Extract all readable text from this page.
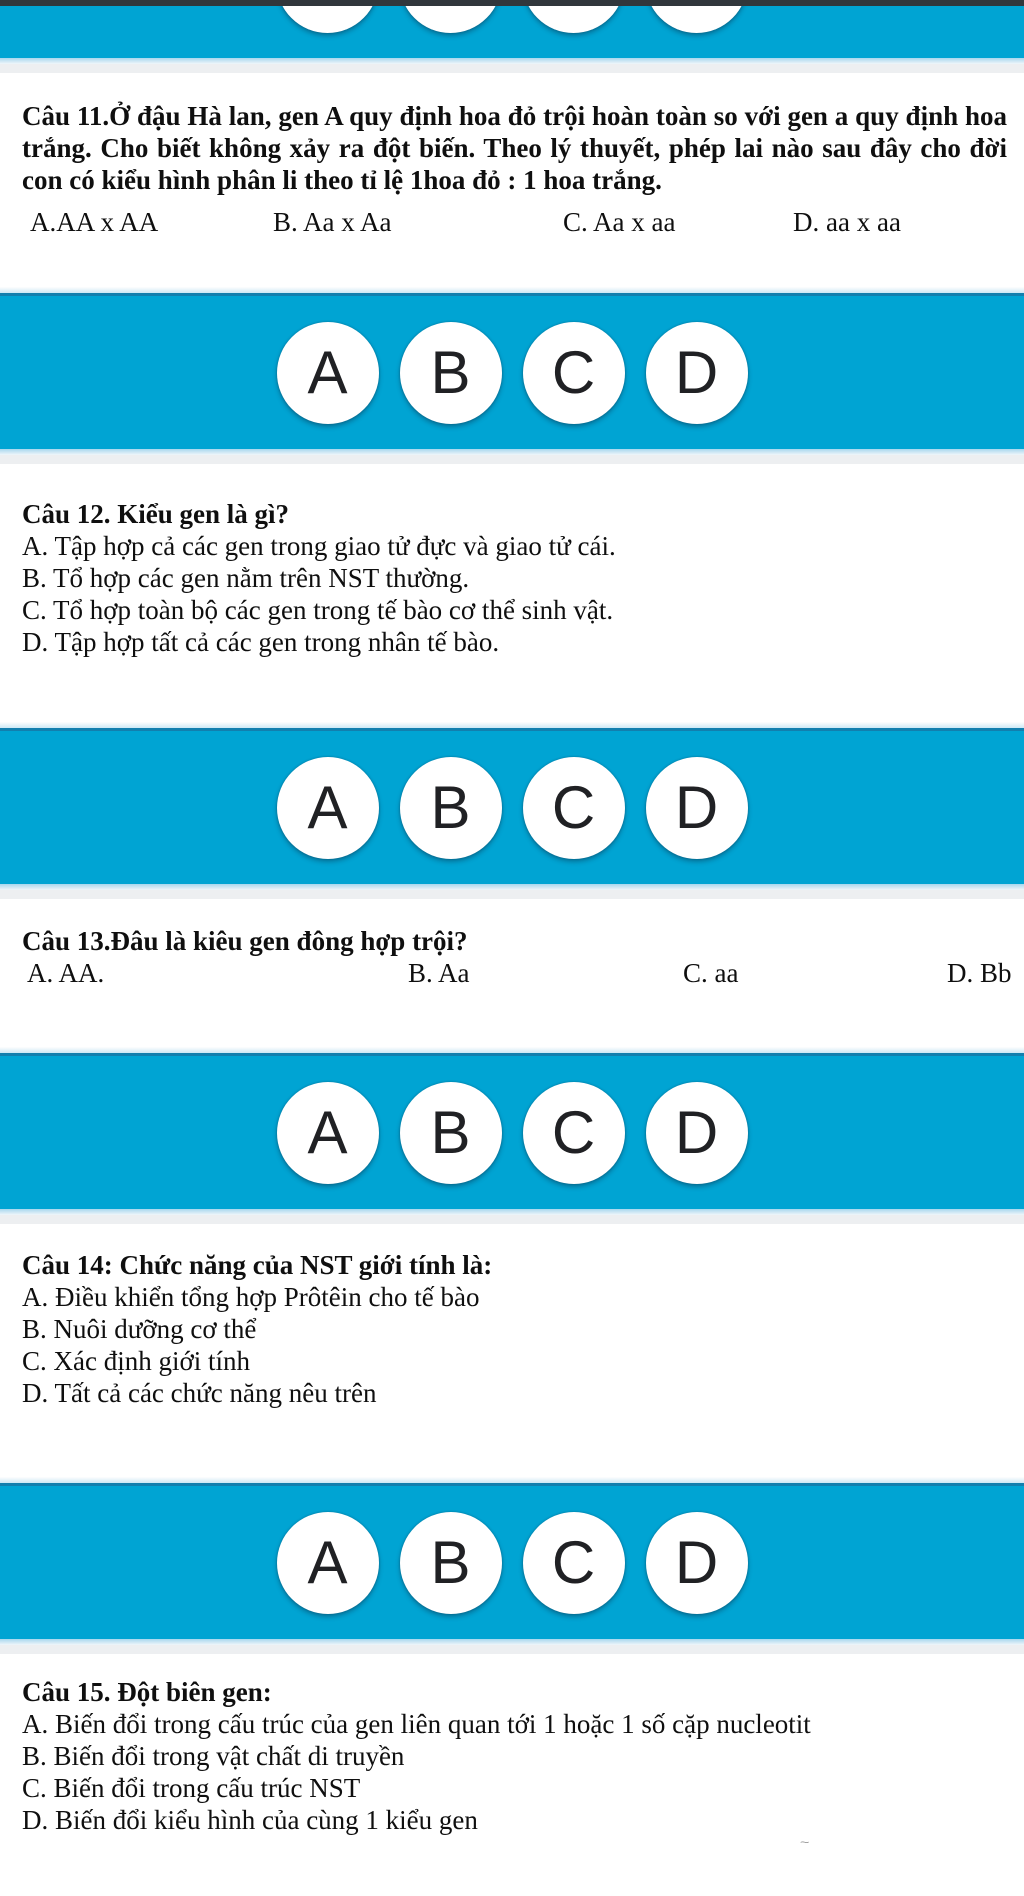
Câu 11.Ở đậu Hà lan, gen A quy định hoa đỏ trội hoàn toàn so với gen a quy định hoa trắng. Cho biết không xảy ra đột biến. Theo lý thuyết, phép lai nào sau đây cho đời con có kiểu hình phân li theo tỉ lệ 1hoa đỏ : 1 hoa trắng.
A.AA x AA	B. Aa x Aa	C. Aa x aa	D. aa x aa
A	B	C	D
Câu 12. Kiểu gen là gì?
A. Tập hợp cả các gen trong giao tử đực và giao tử cái.
B. Tổ hợp các gen nằm trên NST thường.
C. Tổ hợp toàn bộ các gen trong tế bào cơ thể sinh vật.
D. Tập hợp tất cả các gen trong nhân tế bào.
A	B	C	D
Câu 13.Đâu là kiêu gen đông hợp trội?
A. AA.	B. Aa	C. aa	D. Bb
A	B	C	D
Câu 14: Chức năng của NST giới tính là:
A. Điều khiển tổng hợp Prôtêin cho tế bào
B. Nuôi dưỡng cơ thể
C. Xác định giới tính
D. Tất cả các chức năng nêu trên
A	B	C	D
Câu 15. Đột biên gen:
A. Biến đổi trong cấu trúc của gen liên quan tới 1 hoặc 1 số cặp nucleotit
B. Biến đổi trong vật chất di truyền
C. Biến đổi trong cấu trúc NST
D. Biến đổi kiểu hình của cùng 1 kiểu gen
~
